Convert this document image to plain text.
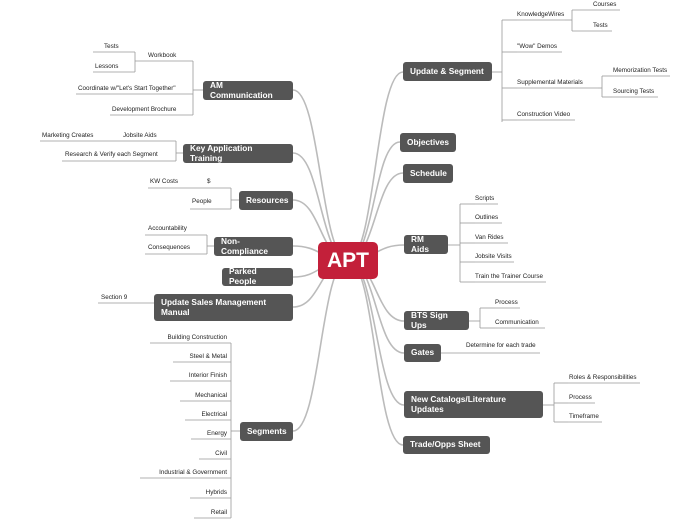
APT
Update & Segment
KnowledgeWires
"Wow" Demos
Supplemental Materials
Construction Video
Courses
Tests
Memorization Tests
Sourcing Tests
Objectives
Schedule
RM Aids
Scripts
Outlines
Van Rides
Jobsite Visits
Train the Trainer Course
BTS Sign Ups
Process
Communication
Gates
Determine for each trade
New Catalogs/Literature Updates
Roles & Responsibilities
Process
Timeframe
Trade/Opps Sheet
AM Communication
Workbook
Tests
Lessons
Coordinate w/"Let's Start Together"
Development Brochure
Key Application Training
Jobsite Aids
Marketing Creates
Research & Verify each Segment
Resources
$
KW Costs
People
Non-Compliance
Accountability
Consequences
Parked People
Update Sales Management Manual
Section 9
Segments
Building Construction
Steel & Metal
Interior Finish
Mechanical
Electrical
Energy
Civil
Industrial & Government
Hybrids
Retail
